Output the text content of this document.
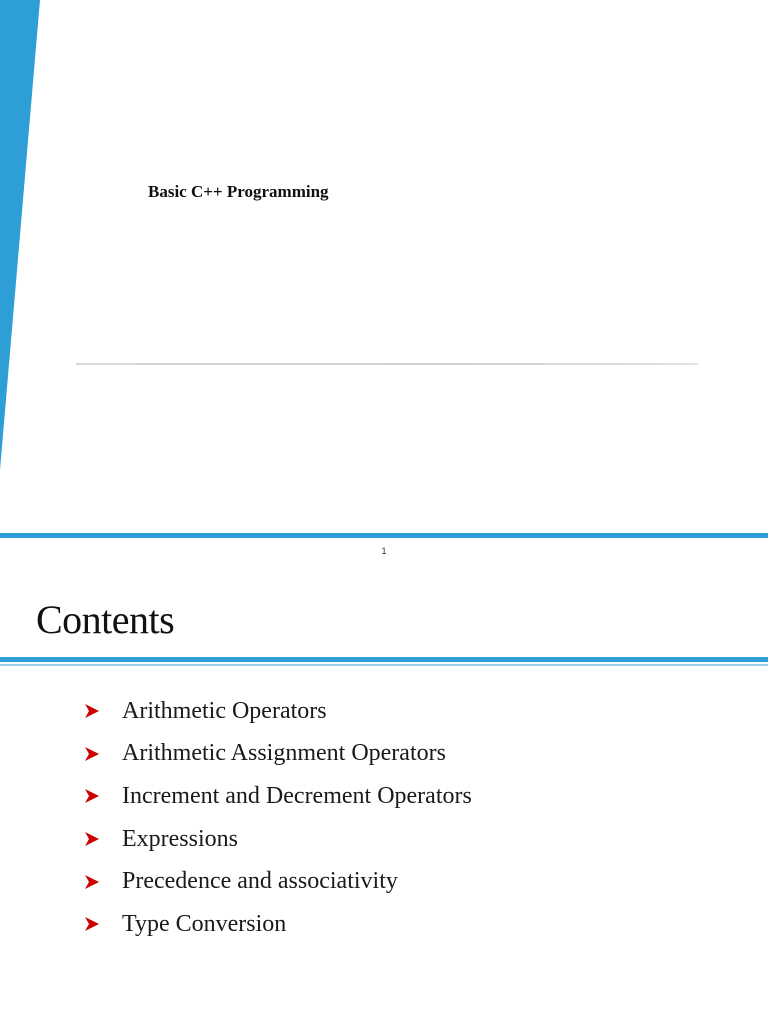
Basic C++ Programming
1
Contents
Arithmetic Operators
Arithmetic Assignment Operators
Increment and Decrement Operators
Expressions
Precedence and associativity
Type Conversion
